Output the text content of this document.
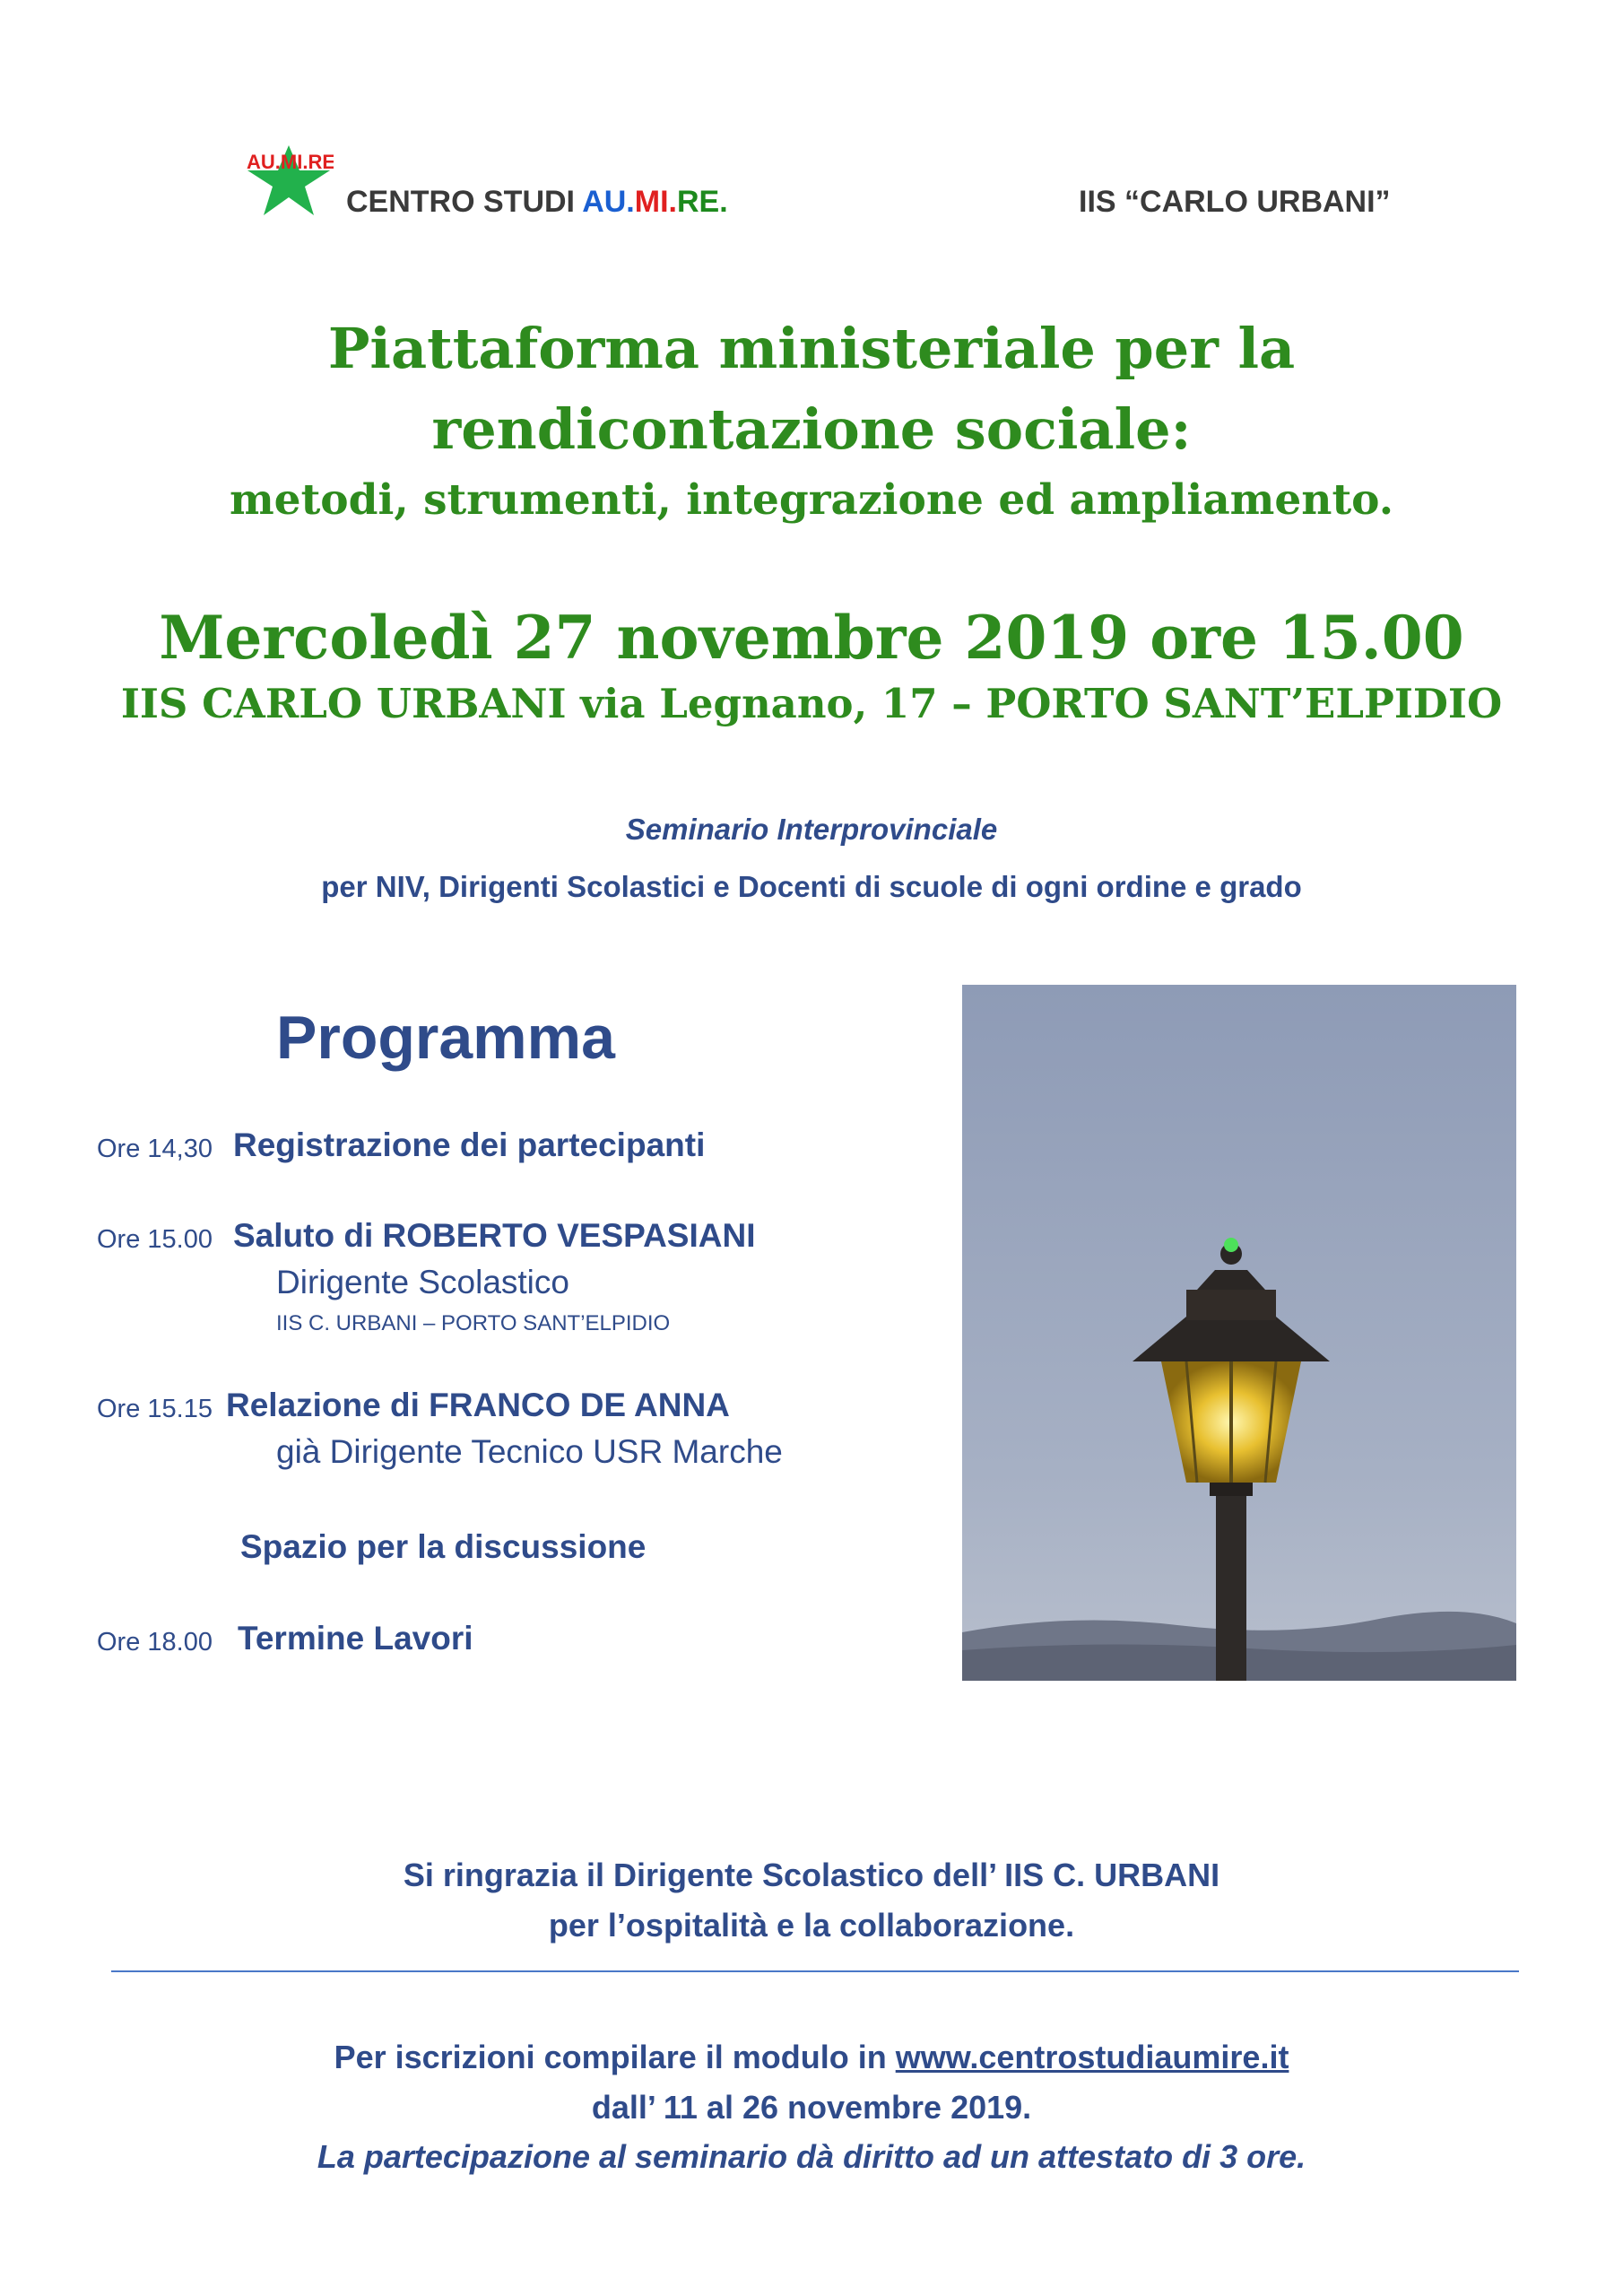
AU.MI.RE.
CENTRO STUDI AU.MI.RE.	IIS “CARLO URBANI”
Piattaforma ministeriale per la
rendicontazione sociale:
metodi, strumenti, integrazione ed ampliamento.
Mercoledì 27 novembre 2019 ore 15.00
IIS CARLO URBANI via Legnano, 17 – PORTO SANT’ELPIDIO
Seminario Interprovinciale
per NIV, Dirigenti Scolastici e Docenti di scuole di ogni ordine e grado
Programma
Ore 14,30 Registrazione dei partecipanti
Ore 15.00 Saluto di ROBERTO VESPASIANI
Dirigente Scolastico
IIS C. URBANI – PORTO SANT’ELPIDIO
Ore 15.15 Relazione di FRANCO DE ANNA
già Dirigente Tecnico USR Marche
Spazio per la discussione
Ore 18.00 Termine Lavori
Si ringrazia il Dirigente Scolastico dell’ IIS C. URBANI
per l’ospitalità e la collaborazione.
Per iscrizioni compilare il modulo in www.centrostudiaumire.it
dall’ 11 al 26 novembre 2019.
La partecipazione al seminario dà diritto ad un attestato di 3 ore.
